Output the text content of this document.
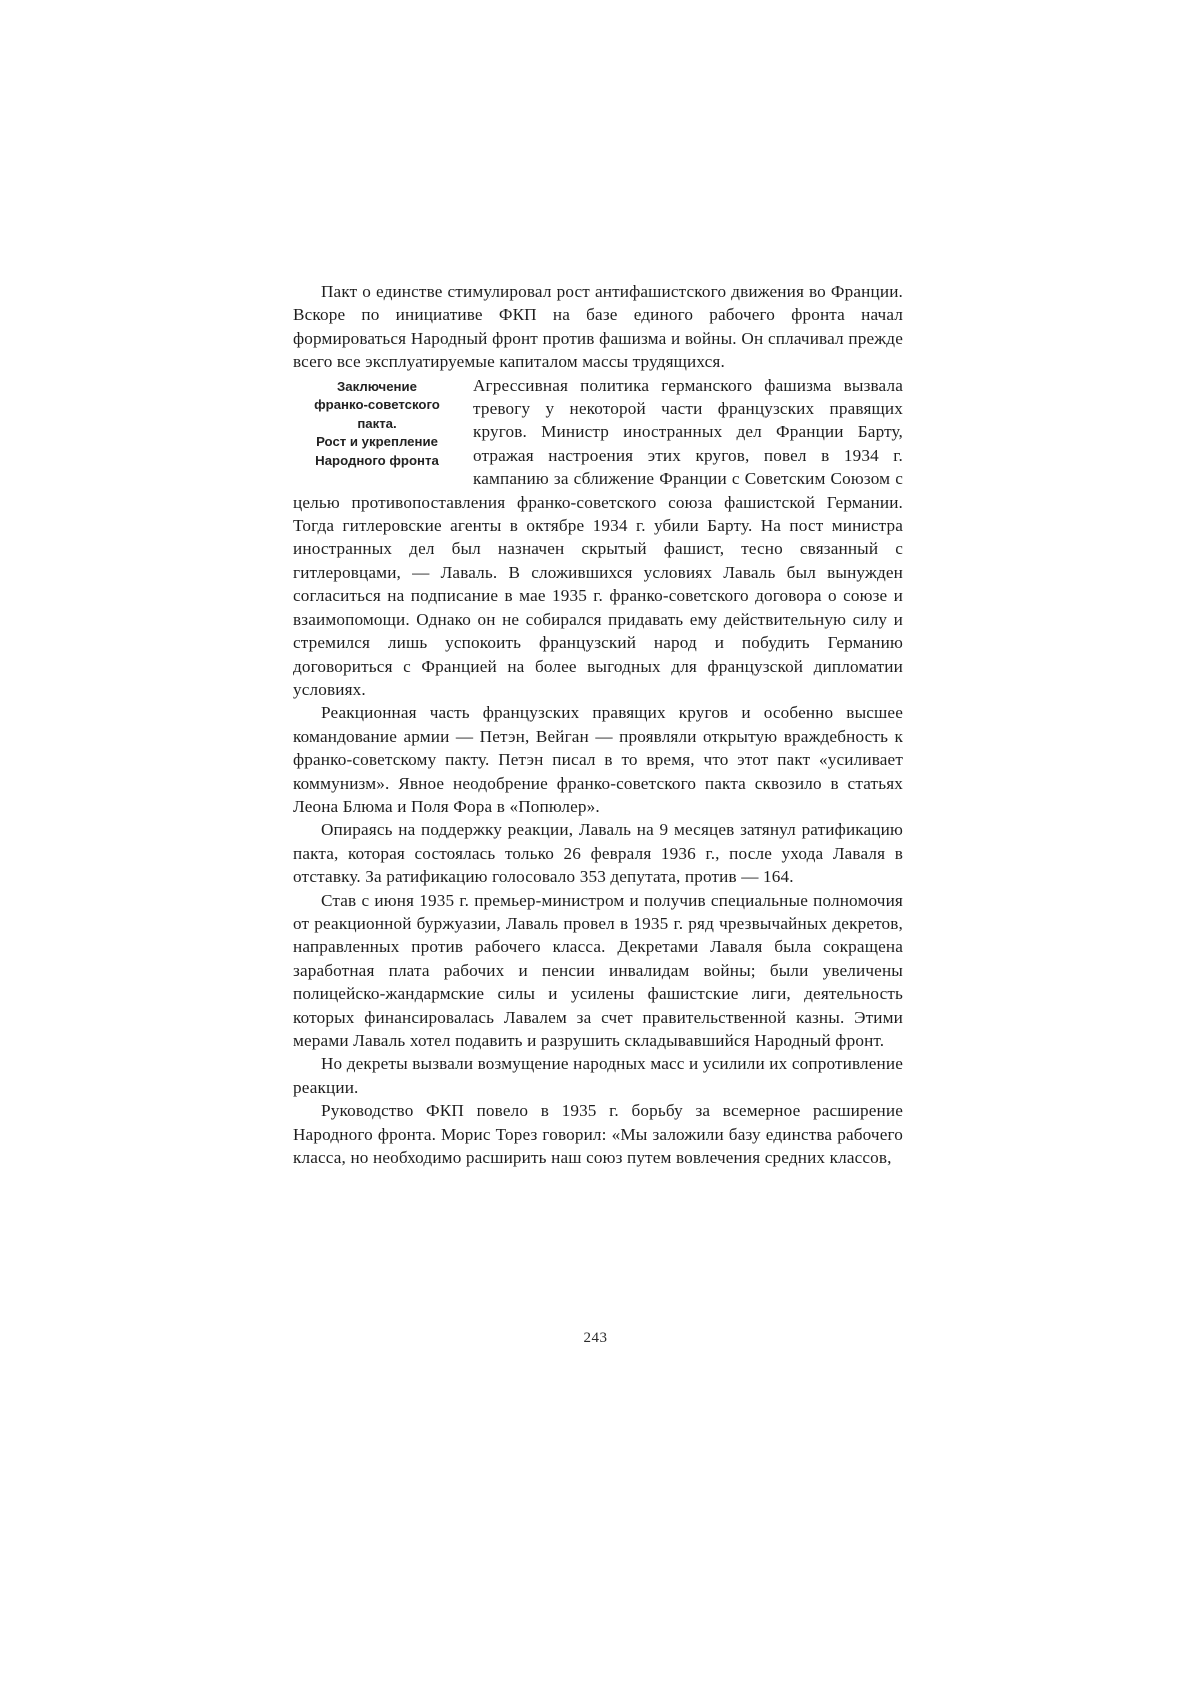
Пакт о единстве стимулировал рост антифашистского движения во Франции. Вскоре по инициативе ФКП на базе единого рабочего фронта начал формироваться Народный фронт против фашизма и войны. Он сплачивал прежде всего все эксплуатируемые капиталом массы трудящихся.

Заключение
франко-советского
пакта.
Рост и укрепление
Народного фронта

Агрессивная политика германского фашизма вызвала тревогу у некоторой части французских правящих кругов. Министр иностранных дел Франции Барту, отражая настроения этих кругов, повел в 1934 г. кампанию за сближение Франции с Советским Союзом с целью противопоставления франко-советского союза фашистской Германии. Тогда гитлеровские агенты в октябре 1934 г. убили Барту. На пост министра иностранных дел был назначен скрытый фашист, тесно связанный с гитлеровцами, — Лаваль. В сложившихся условиях Лаваль был вынужден согласиться на подписание в мае 1935 г. франко-советского договора о союзе и взаимопомощи. Однако он не собирался придавать ему действительную силу и стремился лишь успокоить французский народ и побудить Германию договориться с Францией на более выгодных для французской дипломатии условиях.

Реакционная часть французских правящих кругов и особенно высшее командование армии — Петэн, Вейган — проявляли открытую враждебность к франко-советскому пакту. Петэн писал в то время, что этот пакт «усиливает коммунизм». Явное неодобрение франко-советского пакта сквозило в статьях Леона Блюма и Поля Фора в «Попюлер».

Опираясь на поддержку реакции, Лаваль на 9 месяцев затянул ратификацию пакта, которая состоялась только 26 февраля 1936 г., после ухода Лаваля в отставку. За ратификацию голосовало 353 депутата, против — 164.

Став с июня 1935 г. премьер-министром и получив специальные полномочия от реакционной буржуазии, Лаваль провел в 1935 г. ряд чрезвычайных декретов, направленных против рабочего класса. Декретами Лаваля была сокращена заработная плата рабочих и пенсии инвалидам войны; были увеличены полицейско-жандармские силы и усилены фашистские лиги, деятельность которых финансировалась Лавалем за счет правительственной казны. Этими мерами Лаваль хотел подавить и разрушить складывавшийся Народный фронт.

Но декреты вызвали возмущение народных масс и усилили их сопротивление реакции.

Руководство ФКП повело в 1935 г. борьбу за всемерное расширение Народного фронта. Морис Торез говорил: «Мы заложили базу единства рабочего класса, но необходимо расширить наш союз путем вовлечения средних классов,

243
